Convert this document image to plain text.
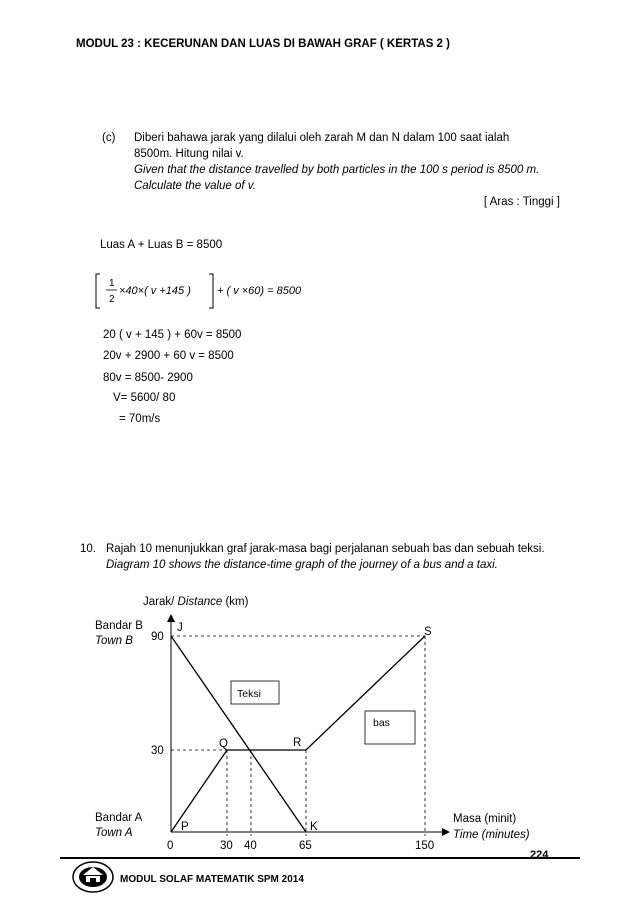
MODUL 23 : KECERUNAN DAN LUAS DI BAWAH GRAF ( KERTAS 2 )
(c) Diberi bahawa jarak yang dilalui oleh zarah M dan N dalam 100 saat ialah
8500m. Hitung nilai v.
Given that the distance travelled by both particles in the 100 s period is 8500 m.
Calculate the value of v.
[ Aras : Tinggi ]
Luas A + Luas B = 8500
1
2
×40×( v +145 ) + ( v ×60) = 8500
20 ( v + 145 ) + 60v = 8500
20v + 2900 + 60 v = 8500
80v = 8500- 2900
V= 5600/ 80
= 70m/s
10. Rajah 10 menunjukkan graf jarak-masa bagi perjalanan sebuah bas dan sebuah teksi.
Diagram 10 shows the distance-time graph of the journey of a bus and a taxi.
Jarak/ Distance (km)
Bandar B
Town B
Bandar A
Town A
90
30
0	30 40	65	150
J	S
Q	R
P	K
Teksi
bas
Masa (minit)
Time (minutes)
224
MODUL SOLAF MATEMATIK SPM 2014
